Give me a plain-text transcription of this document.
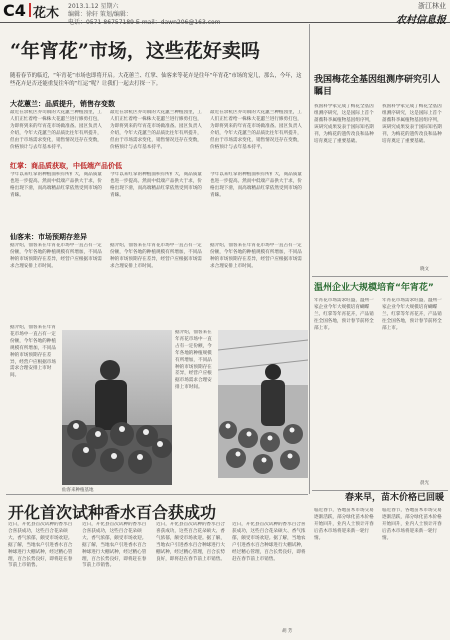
C4 花木 2013.1.12 星期六
编辑：徐轩 策划/编辑：
电话：0571-86757189 E-mail：dawn206@163.com
浙江林业
农村信息报
“年宵花”市场，这些花好卖吗
随着春节的临近，“年宵花”市场也即将开启。大花蕙兰、红掌、仙客来等花卉是往年“年宵花”市场的宠儿，那么，今年，这些花卉是否还能重复往年的“红运”呢？让我们一起去打探一下。
大花蕙兰：品质提升，销售存变数
最近在余杭区乔司镇的大花蕙兰种植园里，工人们正忙着给一株株大花蕙兰进行修剪打包，为即将到来的年宵花市场做准备。园区负责人介绍，今年大花蕙兰的品质比往年有所提升，但由于市场需求变化，销售情况还存在变数，价格预计与去年基本持平。
最近在余杭区乔司镇的大花蕙兰种植园里，工人们正忙着给一株株大花蕙兰进行修剪打包，为即将到来的年宵花市场做准备。园区负责人介绍，今年大花蕙兰的品质比往年有所提升，但由于市场需求变化，销售情况还存在变数，价格预计与去年基本持平。
最近在余杭区乔司镇的大花蕙兰种植园里，工人们正忙着给一株株大花蕙兰进行修剪打包，为即将到来的年宵花市场做准备。园区负责人介绍，今年大花蕙兰的品质比往年有所提升，但由于市场需求变化，销售情况还存在变数，价格预计与去年基本持平。
红掌：商品质获取，中低端产品价低
今年以来红掌的种植面积有所扩大，商品质量也进一步提高。然而中低端产品供大于求，价格出现下滑，而高端精品红掌依然受到市场的青睐。
今年以来红掌的种植面积有所扩大，商品质量也进一步提高。然而中低端产品供大于求，价格出现下滑，而高端精品红掌依然受到市场的青睐。
今年以来红掌的种植面积有所扩大，商品质量也进一步提高。然而中低端产品供大于求，价格出现下滑，而高端精品红掌依然受到市场的青睐。
仙客来：市场预期存差异
据介绍，仙客来在年宵花市场中一直占有一定份额，今年各地的种植规模有所增加，不同品种的市场预期存在差异，经营户应根据市场需求合理安排上市时间。
据介绍，仙客来在年宵花市场中一直占有一定份额，今年各地的种植规模有所增加，不同品种的市场预期存在差异，经营户应根据市场需求合理安排上市时间。
据介绍，仙客来在年宵花市场中一直占有一定份额，今年各地的种植规模有所增加，不同品种的市场预期存在差异，经营户应根据市场需求合理安排上市时间。
据介绍，仙客来在年宵花市场中一直占有一定份额，今年各地的种植规模有所增加，不同品种的市场预期存在差异，经营户应根据市场需求合理安排上市时间。
据介绍，仙客来在年宵花市场中一直占有一定份额，今年各地的种植规模有所增加，不同品种的市场预期存在差异，经营户应根据市场需求合理安排上市时间。
仙客来种植基地
我国梅花全基因组测序研究引人瞩目
我国科学家完成了梅花全基因组测序研究，这是国际上首个蔷薇科李属植物基因组序列，该研究成果发表于国际知名期刊，为梅花的遗传改良和品种培育奠定了重要基础。
我国科学家完成了梅花全基因组测序研究，这是国际上首个蔷薇科李属植物基因组序列，该研究成果发表于国际知名期刊，为梅花的遗传改良和品种培育奠定了重要基础。
晓文
温州企业大规模培育“年宵花”
年宵花市场需求旺盛，温州一家企业今年大规模培育蝴蝶兰、红掌等年宵花卉，产品销往全国各地，预计春节前将全部上市。
年宵花市场需求旺盛，温州一家企业今年大规模培育蝴蝶兰、红掌等年宵花卉，产品销往全国各地，预计春节前将全部上市。
晨光
春来早，苗木价格已回暖
临近春节，各地苗木市场交易逐渐活跃，部分绿化苗木价格开始回升，业内人士预计开春后苗木市场将迎来新一轮行情。
临近春节，各地苗木市场交易逐渐活跃，部分绿化苗木价格开始回升，业内人士预计开春后苗木市场将迎来新一轮行情。
开化首次试种香水百合获成功
近日，开化县首次试种的香水百合喜获成功，这些百合花朵硕大、香气浓郁，颇受市场欢迎。据了解，当地农户引进香水百合种球进行大棚试种，经过精心管理，百合长势良好，即将赶在春节前上市销售。
近日，开化县首次试种的香水百合喜获成功，这些百合花朵硕大、香气浓郁，颇受市场欢迎。据了解，当地农户引进香水百合种球进行大棚试种，经过精心管理，百合长势良好，即将赶在春节前上市销售。
近日，开化县首次试种的香水百合喜获成功，这些百合花朵硕大、香气浓郁，颇受市场欢迎。据了解，当地农户引进香水百合种球进行大棚试种，经过精心管理，百合长势良好，即将赶在春节前上市销售。
近日，开化县首次试种的香水百合喜获成功，这些百合花朵硕大、香气浓郁，颇受市场欢迎。据了解，当地农户引进香水百合种球进行大棚试种，经过精心管理，百合长势良好，即将赶在春节前上市销售。
胡 芳
